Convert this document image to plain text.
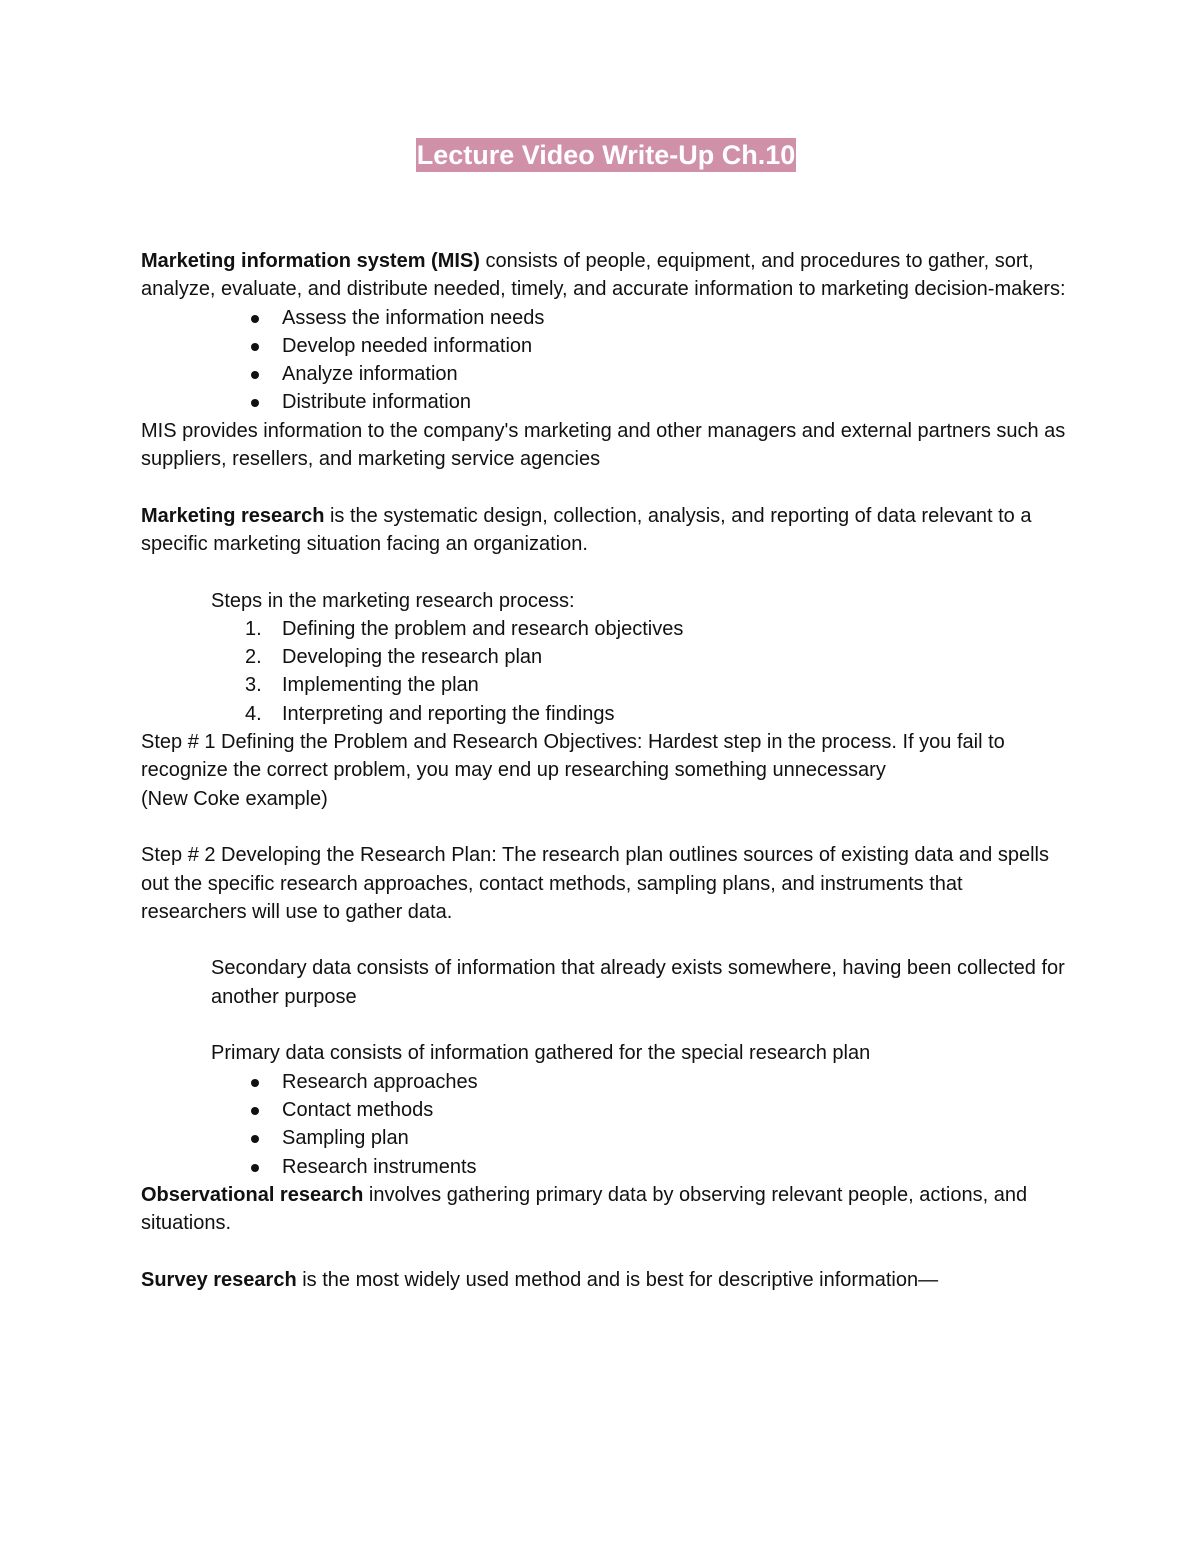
Lecture Video Write-Up Ch.10

Marketing information system (MIS) consists of people, equipment, and procedures to gather, sort, analyze, evaluate, and distribute needed, timely, and accurate information to marketing decision-makers:

Assess the information needs
Develop needed information
Analyze information
Distribute information

MIS provides information to the company's marketing and other managers and external partners such as suppliers, resellers, and marketing service agencies

Marketing research is the systematic design, collection, analysis, and reporting of data relevant to a specific marketing situation facing an organization.

Steps in the marketing research process:

1. Defining the problem and research objectives
2. Developing the research plan
3. Implementing the plan
4. Interpreting and reporting the findings

Step # 1 Defining the Problem and Research Objectives: Hardest step in the process. If you fail to recognize the correct problem, you may end up researching something unnecessary

(New Coke example)

Step # 2 Developing the Research Plan: The research plan outlines sources of existing data and spells out the specific research approaches, contact methods, sampling plans, and instruments that researchers will use to gather data.

Secondary data consists of information that already exists somewhere, having been collected for another purpose

Primary data consists of information gathered for the special research plan

Research approaches
Contact methods
Sampling plan
Research instruments

Observational research involves gathering primary data by observing relevant people, actions, and situations.

Survey research is the most widely used method and is best for descriptive information—
